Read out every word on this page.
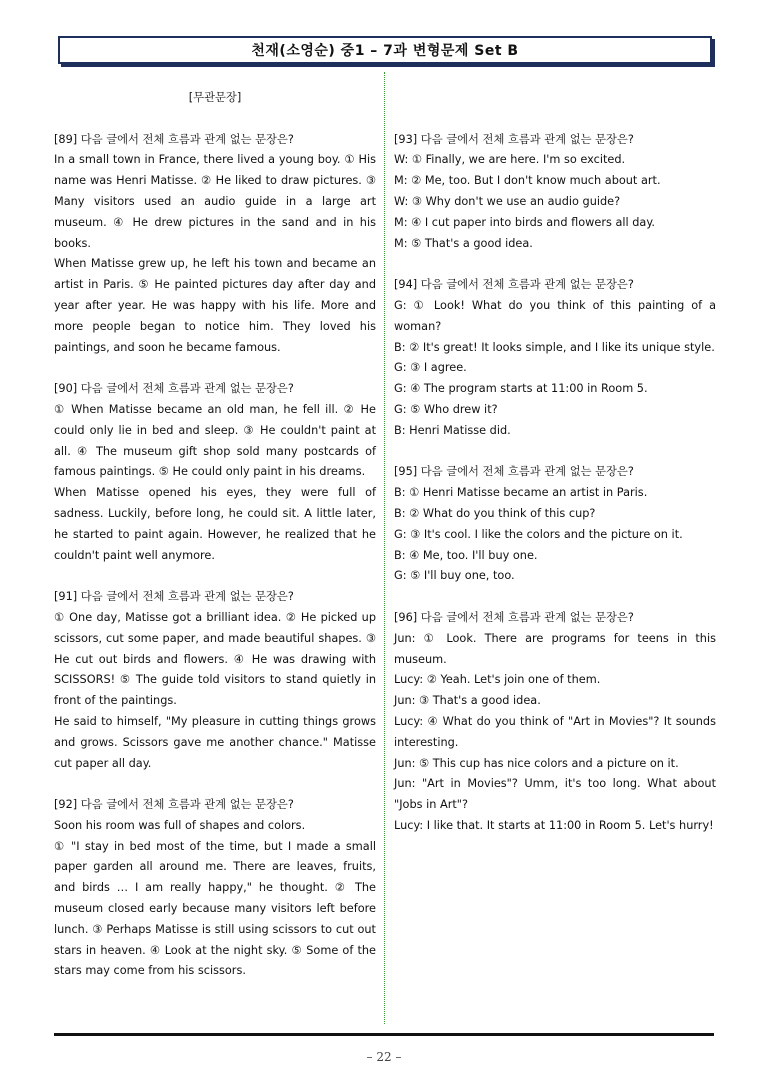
천재(소영순) 중1 – 7과 변형문제 Set B
[무관문장]
[89] 다음 글에서 전체 흐름과 관계 없는 문장은?
In a small town in France, there lived a young boy. ① His name was Henri Matisse. ② He liked to draw pictures. ③ Many visitors used an audio guide in a large art museum. ④ He drew pictures in the sand and in his books.
When Matisse grew up, he left his town and became an artist in Paris. ⑤ He painted pictures day after day and year after year. He was happy with his life. More and more people began to notice him. They loved his paintings, and soon he became famous.
[90] 다음 글에서 전체 흐름과 관계 없는 문장은?
① When Matisse became an old man, he fell ill. ② He could only lie in bed and sleep. ③ He couldn't paint at all. ④ The museum gift shop sold many postcards of famous paintings. ⑤ He could only paint in his dreams.
When Matisse opened his eyes, they were full of sadness. Luckily, before long, he could sit. A little later, he started to paint again. However, he realized that he couldn't paint well anymore.
[91] 다음 글에서 전체 흐름과 관계 없는 문장은?
① One day, Matisse got a brilliant idea. ② He picked up scissors, cut some paper, and made beautiful shapes. ③ He cut out birds and flowers. ④ He was drawing with SCISSORS! ⑤ The guide told visitors to stand quietly in front of the paintings.
He said to himself, "My pleasure in cutting things grows and grows. Scissors gave me another chance." Matisse cut paper all day.
[92] 다음 글에서 전체 흐름과 관계 없는 문장은?
Soon his room was full of shapes and colors.
① "I stay in bed most of the time, but I made a small paper garden all around me. There are leaves, fruits, and birds … I am really happy," he thought. ② The museum closed early because many visitors left before lunch. ③ Perhaps Matisse is still using scissors to cut out stars in heaven. ④ Look at the night sky. ⑤ Some of the stars may come from his scissors.
[93] 다음 글에서 전체 흐름과 관계 없는 문장은?
W: ① Finally, we are here. I'm so excited.
M: ② Me, too. But I don't know much about art.
W: ③ Why don't we use an audio guide?
M: ④ I cut paper into birds and flowers all day.
M: ⑤ That's a good idea.
[94] 다음 글에서 전체 흐름과 관계 없는 문장은?
G: ① Look! What do you think of this painting of a woman?
B: ② It's great! It looks simple, and I like its unique style.
G: ③ I agree.
G: ④ The program starts at 11:00 in Room 5.
G: ⑤ Who drew it?
B: Henri Matisse did.
[95] 다음 글에서 전체 흐름과 관계 없는 문장은?
B: ① Henri Matisse became an artist in Paris.
B: ② What do you think of this cup?
G: ③ It's cool. I like the colors and the picture on it.
B: ④ Me, too. I'll buy one.
G: ⑤ I'll buy one, too.
[96] 다음 글에서 전체 흐름과 관계 없는 문장은?
Jun: ① Look. There are programs for teens in this museum.
Lucy: ② Yeah. Let's join one of them.
Jun: ③ That's a good idea.
Lucy: ④ What do you think of "Art in Movies"? It sounds interesting.
Jun: ⑤ This cup has nice colors and a picture on it.
Jun: "Art in Movies"? Umm, it's too long. What about "Jobs in Art"?
Lucy: I like that. It starts at 11:00 in Room 5. Let's hurry!
– 22 –
